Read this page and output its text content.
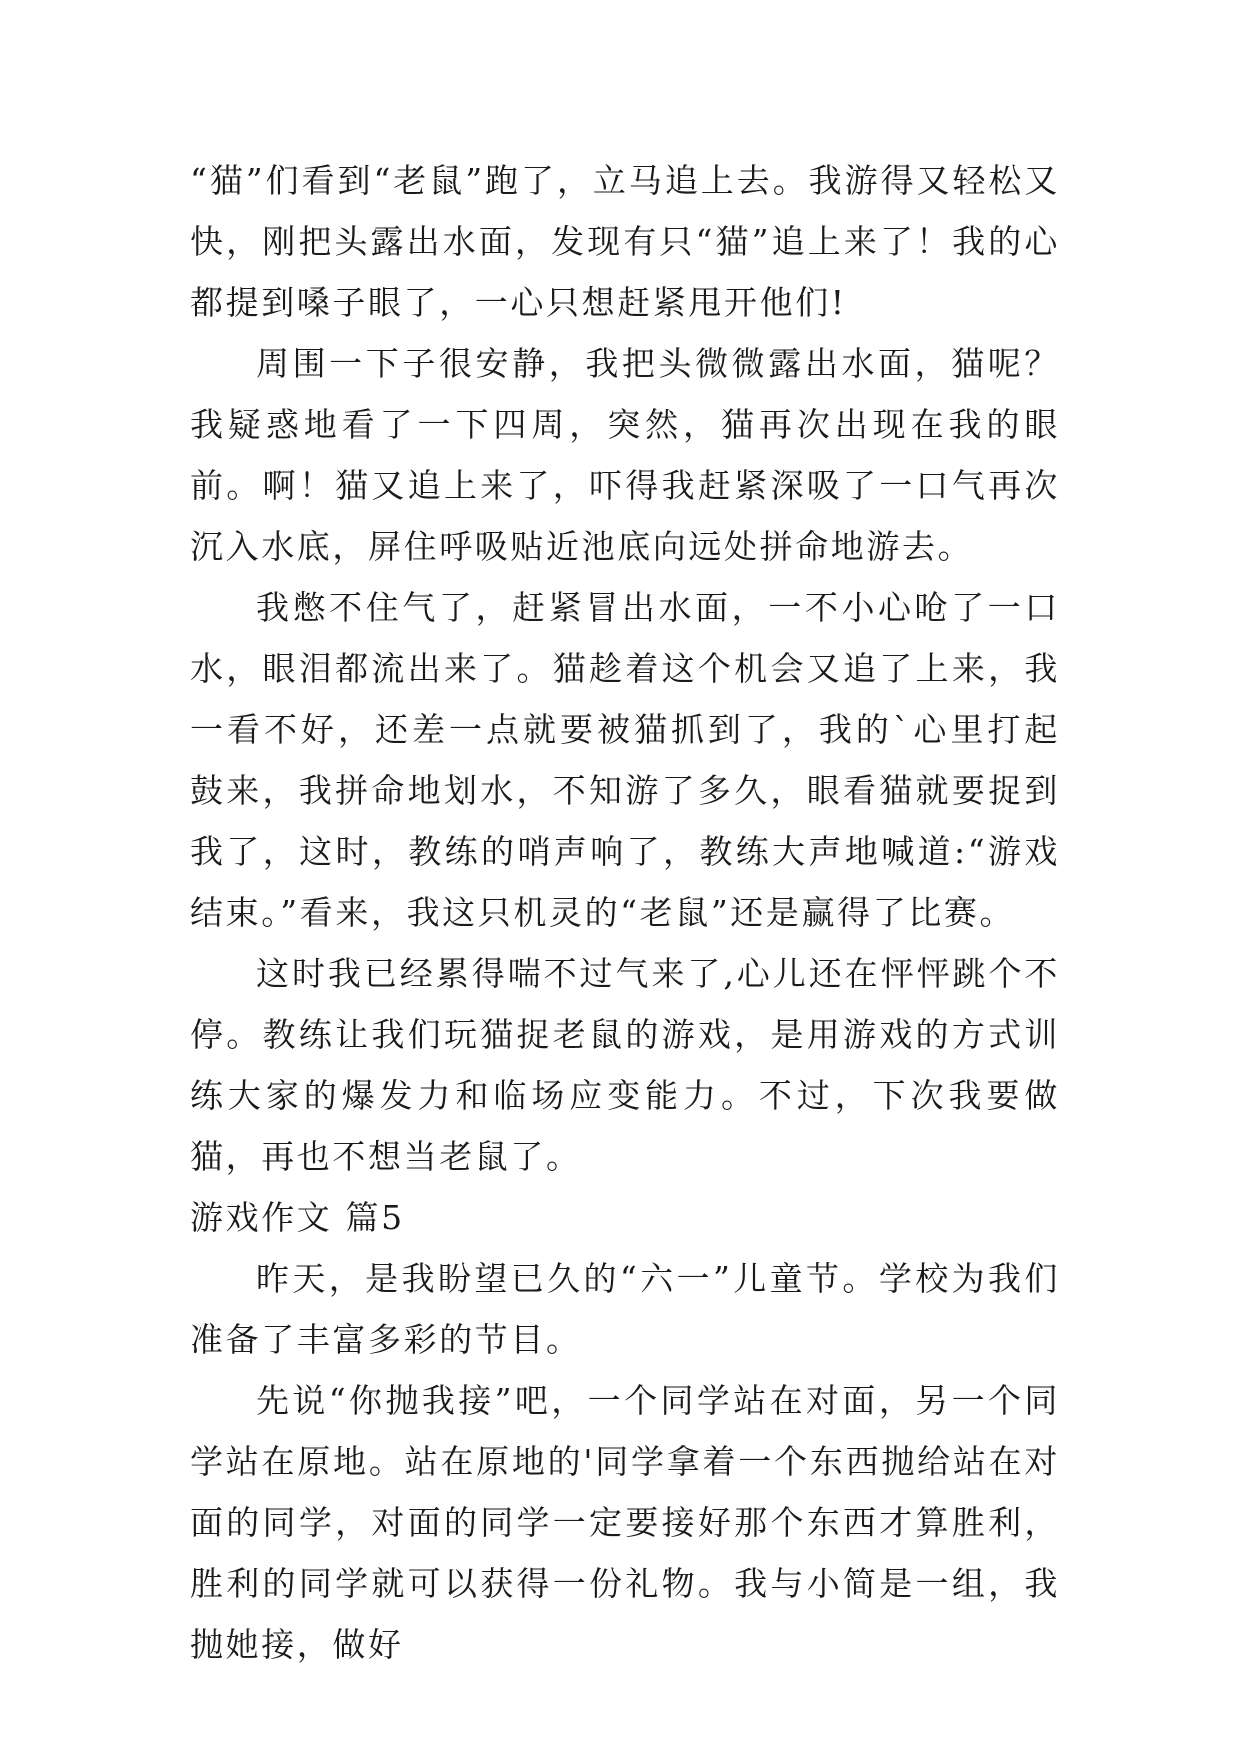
“猫”们看到“老鼠”跑了，立马追上去。我游得又轻松又快，刚把头露出水面，发现有只“猫”追上来了！我的心都提到嗓子眼了，一心只想赶紧甩开他们!

周围一下子很安静，我把头微微露出水面，猫呢？我疑惑地看了一下四周，突然，猫再次出现在我的眼前。啊！猫又追上来了，吓得我赶紧深吸了一口气再次沉入水底，屏住呼吸贴近池底向远处拼命地游去。

我憋不住气了，赶紧冒出水面，一不小心呛了一口水，眼泪都流出来了。猫趁着这个机会又追了上来，我一看不好，还差一点就要被猫抓到了，我的`心里打起鼓来，我拼命地划水，不知游了多久，眼看猫就要捉到我了，这时，教练的哨声响了，教练大声地喊道:“游戏结束。”看来，我这只机灵的“老鼠”还是赢得了比赛。

这时我已经累得喘不过气来了,心儿还在怦怦跳个不停。教练让我们玩猫捉老鼠的游戏，是用游戏的方式训练大家的爆发力和临场应变能力。不过，下次我要做猫，再也不想当老鼠了。

游戏作文 篇5

昨天，是我盼望已久的“六一”儿童节。学校为我们准备了丰富多彩的节目。

先说“你抛我接”吧，一个同学站在对面，另一个同学站在原地。站在原地的'同学拿着一个东西抛给站在对面的同学，对面的同学一定要接好那个东西才算胜利，胜利的同学就可以获得一份礼物。我与小简是一组，我抛她接，做好
